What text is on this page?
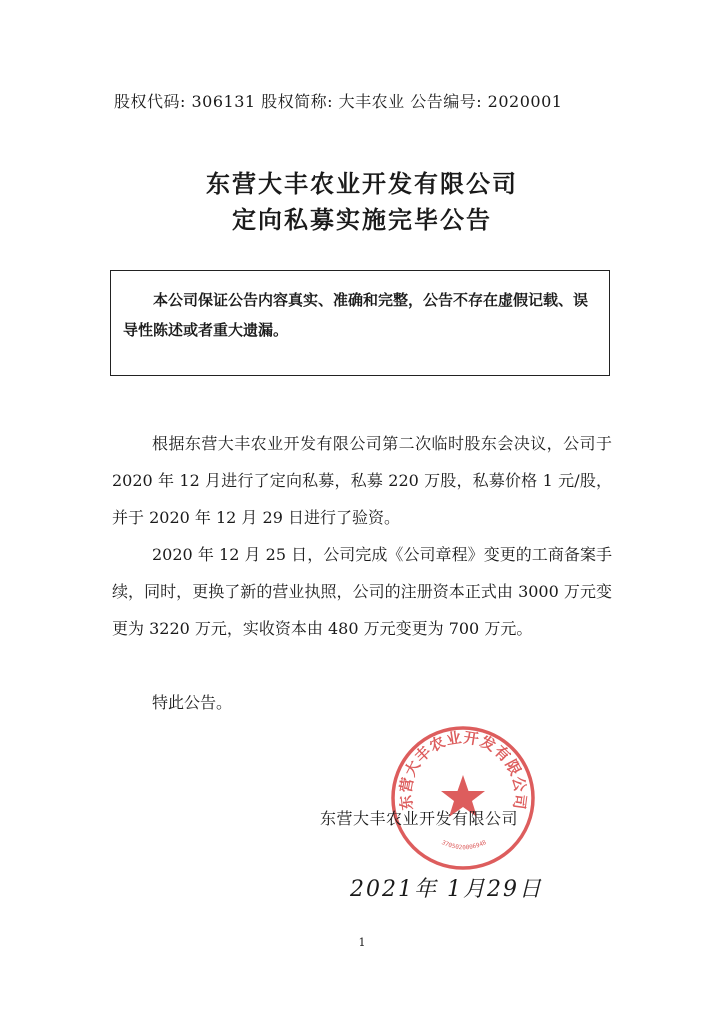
股权代码: 306131 股权简称: 大丰农业 公告编号: 2020001
东营大丰农业开发有限公司
定向私募实施完毕公告
本公司保证公告内容真实、准确和完整，公告不存在虚假记载、误导性陈述或者重大遗漏。
根据东营大丰农业开发有限公司第二次临时股东会决议，公司于 2020 年 12 月进行了定向私募，私募 220 万股，私募价格 1 元/股，并于 2020 年 12 月 29 日进行了验资。
2020 年 12 月 25 日，公司完成《公司章程》变更的工商备案手续，同时，更换了新的营业执照，公司的注册资本正式由 3000 万元变更为 3220 万元，实收资本由 480 万元变更为 700 万元。
特此公告。
东营大丰农业开发有限公司
3705020006948
东营大丰农业开发有限公司
2021年 1月29日
1
